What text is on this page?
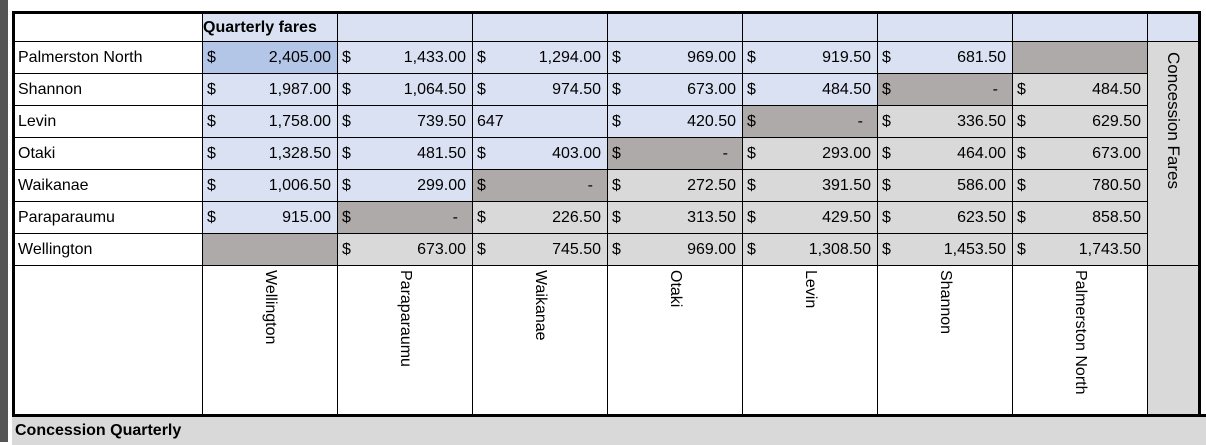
	Quarterly fares							
Palmerston North	$ 2,405.00	$ 1,433.00	$ 1,294.00	$ 969.00	$ 919.50	$ 681.50		Concession Fares

Shannon	$ 1,987.00	$ 1,064.50	$ 974.50	$ 673.00	$ 484.50	$ -	$ 484.50	

Levin	$ 1,758.00	$ 739.50	647	$ 420.50	$ -	$ 336.50	$ 629.50	

Otaki	$ 1,328.50	$ 481.50	$ 403.00	$ -	$ 293.00	$ 464.00	$ 673.00	

Waikanae	$ 1,006.50	$ 299.00	$ -	$ 272.50	$ 391.50	$ 586.00	$ 780.50	

Paraparaumu	$ 915.00	$ -	$ 226.50	$ 313.50	$ 429.50	$ 623.50	$ 858.50	

Wellington		$ 673.00	$ 745.50	$ 969.00	$ 1,308.50	$ 1,453.50	$ 1,743.50	

	Wellington	Paraparaumu	Waikanae	Otaki	Levin	Shannon	Palmerston North	

Concession Quarterly
